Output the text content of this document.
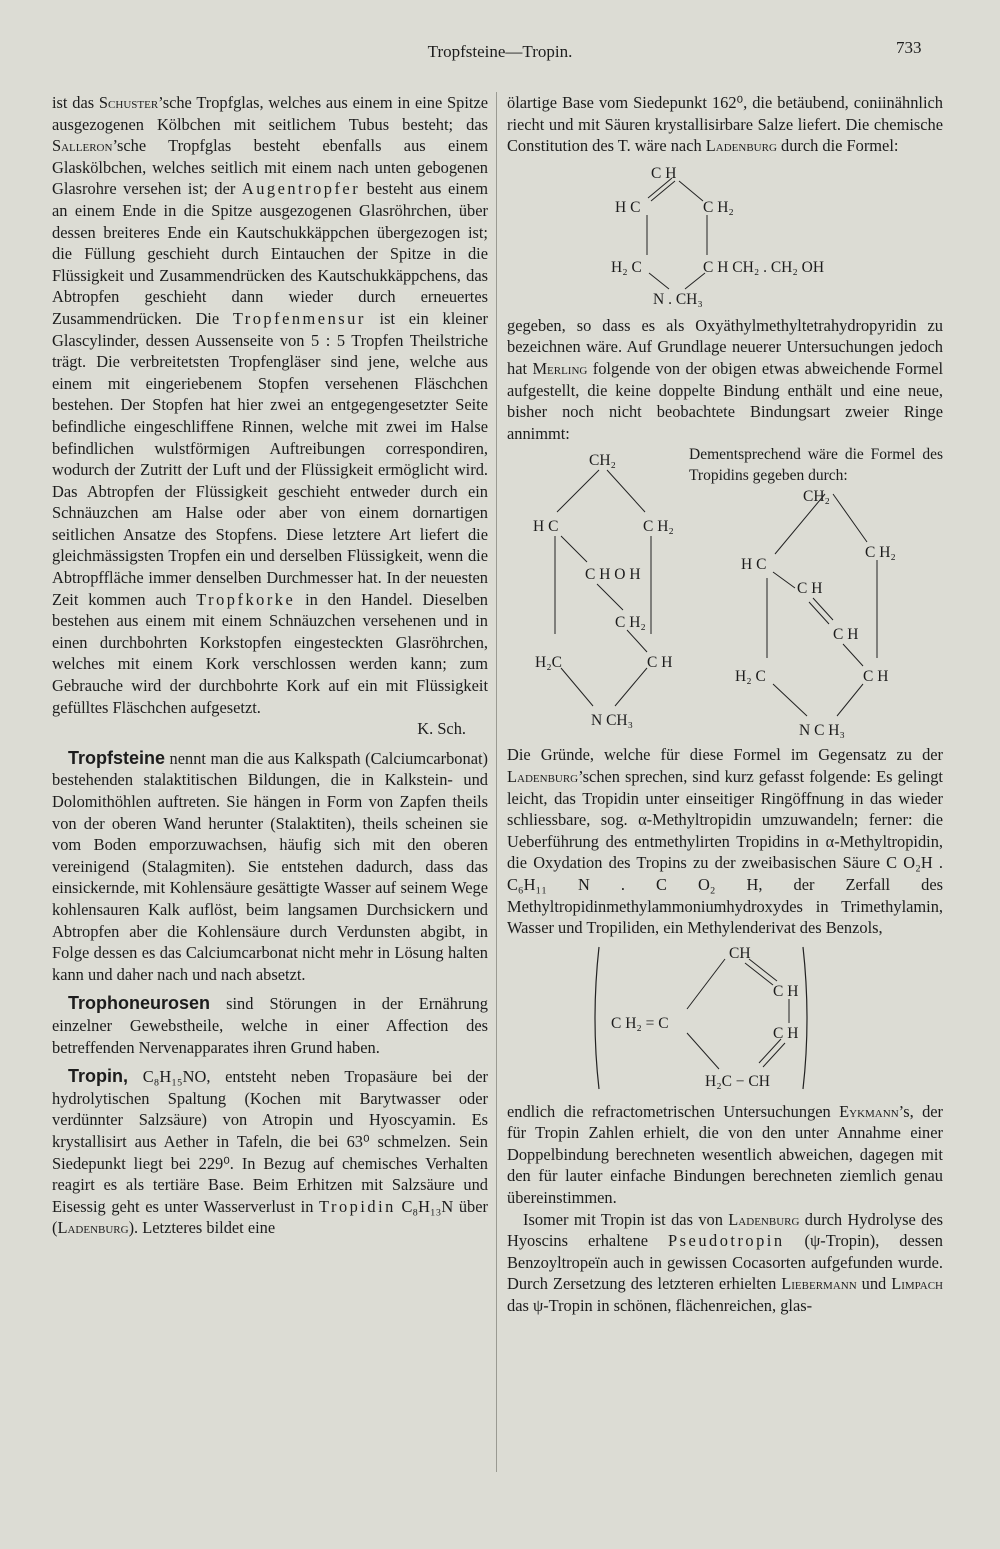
Tropfsteine—Tropin.	733

ist das Schuster’sche Tropfglas, welches aus einem in eine Spitze ausgezogenen Kölbchen mit seitlichem Tubus besteht; das Salleron’sche Tropfglas besteht ebenfalls aus einem Glaskölbchen, welches seitlich mit einem nach unten gebogenen Glasrohre versehen ist; der Augentropfer besteht aus einem an einem Ende in die Spitze ausgezogenen Glasröhrchen, über dessen breiteres Ende ein Kautschukkäppchen übergezogen ist; die Füllung geschieht durch Eintauchen der Spitze in die Flüssigkeit und Zusammendrücken des Kautschukkäppchens, das Abtropfen geschieht dann wieder durch erneuertes Zusammendrücken. Die Tropfenmensur ist ein kleiner Glascylinder, dessen Aussenseite von 5 : 5 Tropfen Theilstriche trägt. Die verbreitetsten Tropfengläser sind jene, welche aus einem mit eingeriebenem Stopfen versehenen Fläschchen bestehen. Der Stopfen hat hier zwei an entgegengesetzter Seite befindliche eingeschliffene Rinnen, welche mit zwei im Halse befindlichen wulstförmigen Auftreibungen correspondiren, wodurch der Zutritt der Luft und der Flüssigkeit ermöglicht wird. Das Abtropfen der Flüssigkeit geschieht entweder durch ein Schnäuzchen am Halse oder aber von einem dornartigen seitlichen Ansatze des Stopfens. Diese letztere Art liefert die gleichmässigsten Tropfen ein und derselben Flüssigkeit, wenn die Abtropffläche immer denselben Durchmesser hat. In der neuesten Zeit kommen auch Tropfkorke in den Handel. Dieselben bestehen aus einem mit einem Schnäuzchen versehenen und in einen durchbohrten Korkstopfen eingesteckten Glasröhrchen, welches mit einem Kork verschlossen werden kann; zum Gebrauche wird der durchbohrte Kork auf ein mit Flüssigkeit gefülltes Fläschchen aufgesetzt.

K. Sch.

Tropfsteine nennt man die aus Kalkspath (Calciumcarbonat) bestehenden stalaktitischen Bildungen, die in Kalkstein- und Dolomithöhlen auftreten. Sie hängen in Form von Zapfen theils von der oberen Wand herunter (Stalaktiten), theils scheinen sie vom Boden emporzuwachsen, häufig sich mit den oberen vereinigend (Stalagmiten). Sie entstehen dadurch, dass das einsickernde, mit Kohlensäure gesättigte Wasser auf seinem Wege kohlensauren Kalk auflöst, beim langsamen Durchsickern und Abtropfen aber die Kohlensäure durch Verdunsten abgibt, in Folge dessen es das Calciumcarbonat nicht mehr in Lösung halten kann und daher nach und nach absetzt.

Trophoneurosen sind Störungen in der Ernährung einzelner Gewebstheile, welche in einer Affection des betreffenden Nervenapparates ihren Grund haben.

Tropin, C₈H₁₅NO, entsteht neben Tropasäure bei der hydrolytischen Spaltung (Kochen mit Barytwasser oder verdünnter Salzsäure) von Atropin und Hyoscyamin. Es krystallisirt aus Aether in Tafeln, die bei 63⁰ schmelzen. Sein Siedepunkt liegt bei 229⁰. In Bezug auf chemisches Verhalten reagirt es als tertiäre Base. Beim Erhitzen mit Salzsäure und Eisessig geht es unter Wasserverlust in Tropidin C₈H₁₃N über (Ladenburg). Letzteres bildet eine

ölartige Base vom Siedepunkt 162⁰, die betäubend, coniinähnlich riecht und mit Säuren krystallisirbare Salze liefert. Die chemische Constitution des T. wäre nach Ladenburg durch die Formel:

C H
H C	C H₂
H₂ C	C H CH₂ . CH₂ OH
N . CH₃

gegeben, so dass es als Oxyäthylmethyltetrahydropyridin zu bezeichnen wäre. Auf Grundlage neuerer Untersuchungen jedoch hat Merling folgende von der obigen etwas abweichende Formel aufgestellt, die keine doppelte Bindung enthält und eine neue, bisher noch nicht beobachtete Bindungsart zweier Ringe annimmt:

CH₂
H C	C H₂
C H O H
C H₂
H₂C	C H
N CH₃
Dementsprechend wäre die Formel des Tropidins gegeben durch:
CH₂
H C
C H₂
C H
C H
H₂ C	C H
N C H₃

Die Gründe, welche für diese Formel im Gegensatz zu der Ladenburg’schen sprechen, sind kurz gefasst folgende: Es gelingt leicht, das Tropidin unter einseitiger Ringöffnung in das wieder schliessbare, sog. α-Methyltropidin umzuwandeln; ferner: die Ueberführung des entmethylirten Tropidins in α-Methyltropidin, die Oxydation des Tropins zu der zweibasischen Säure C O₂H . C₆H₁₁ N . C O₂ H, der Zerfall des Methyltropidinmethylammoniumhydroxydes in Trimethylamin, Wasser und Tropiliden, ein Methylenderivat des Benzols,

CH
C H
C H₂ = C
C H
H₂C − CH

endlich die refractometrischen Untersuchungen Eykmann’s, der für Tropin Zahlen erhielt, die von den unter Annahme einer Doppelbindung berechneten wesentlich abweichen, dagegen mit den für lauter einfache Bindungen berechneten ziemlich genau übereinstimmen.

Isomer mit Tropin ist das von Ladenburg durch Hydrolyse des Hyoscins erhaltene Pseudotropin (ψ-Tropin), dessen Benzoyltropeïn auch in gewissen Cocasorten aufgefunden wurde. Durch Zersetzung des letzteren erhielten Liebermann und Limpach das ψ-Tropin in schönen, flächenreichen, glas-
